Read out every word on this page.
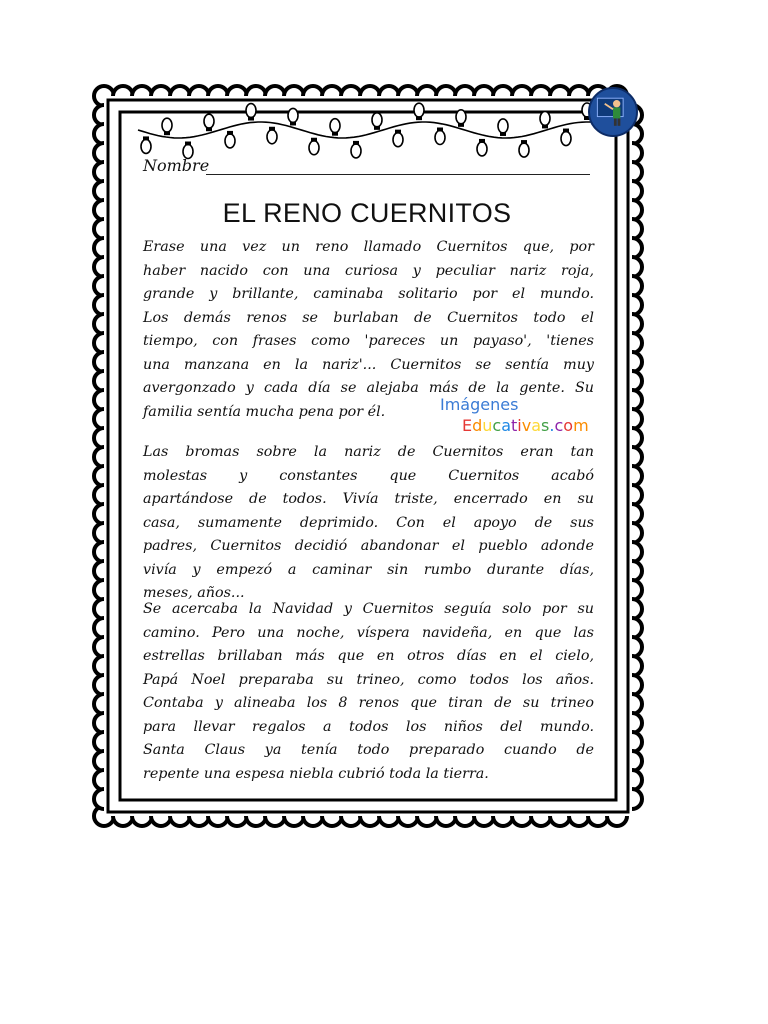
Nombre
EL RENO CUERNITOS
Erase una vez un reno llamado Cuernitos que, por
haber nacido con una curiosa y peculiar nariz roja,
grande y brillante, caminaba solitario por el mundo.
Los demás renos se burlaban de Cuernitos todo el
tiempo, con frases como 'pareces un payaso', 'tienes
una manzana en la nariz'... Cuernitos se sentía muy
avergonzado y cada día se alejaba más de la gente. Su
familia sentía mucha pena por él.	Imágenes
Educativas.com
Las bromas sobre la nariz de Cuernitos eran tan
molestas y constantes que Cuernitos acabó
apartándose de todos. Vivía triste, encerrado en su
casa, sumamente deprimido. Con el apoyo de sus
padres, Cuernitos decidió abandonar el pueblo adonde
vivía y empezó a caminar sin rumbo durante días,
meses, años...
Se acercaba la Navidad y Cuernitos seguía solo por su
camino. Pero una noche, víspera navideña, en que las
estrellas brillaban más que en otros días en el cielo,
Papá Noel preparaba su trineo, como todos los años.
Contaba y alineaba los 8 renos que tiran de su trineo
para llevar regalos a todos los niños del mundo.
Santa Claus ya tenía todo preparado cuando de
repente una espesa niebla cubrió toda la tierra.
